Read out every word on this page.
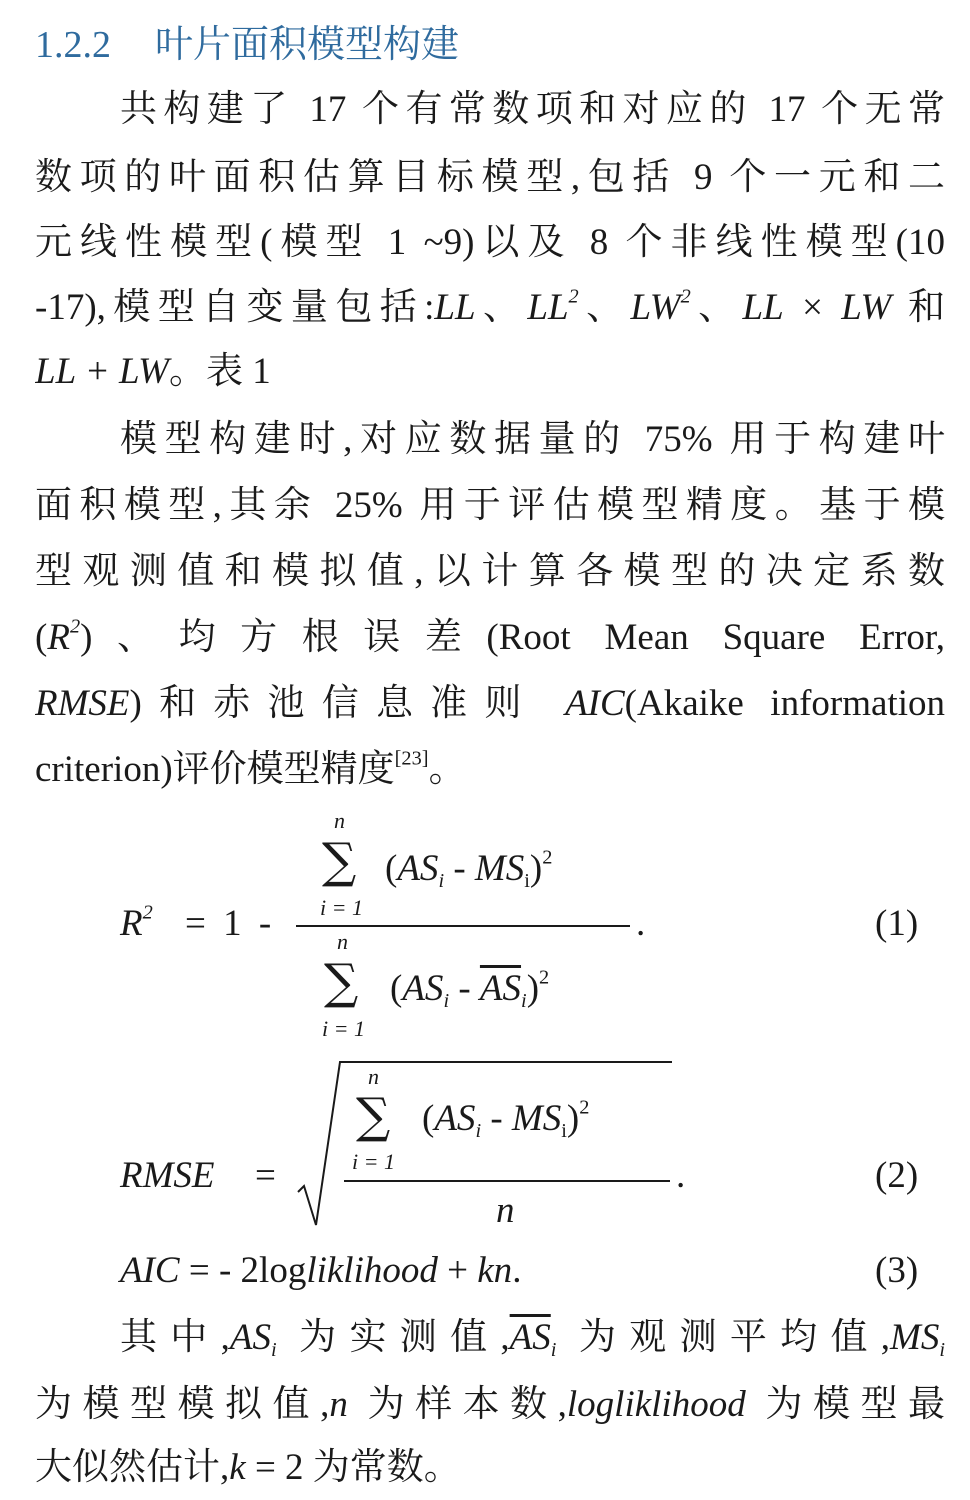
1.2.2 叶片面积模型构建
共构建了 17 个有常数项和对应的 17 个无常
数项的叶面积估算目标模型,包括 9 个一元和二
元线性模型(模型 1 ~9)以及 8 个非线性模型(10
-17),模型自变量包括:LL、$LL^2$、$LW^2$、LL × LW 和
LL + LW。表 1
模型构建时,对应数据量的 75% 用于构建叶
面积模型,其余 25% 用于评估模型精度。基于模
型观测值和模拟值,以计算各模型的决定系数
$(R^2)$、均方根误差(Root Mean Square Error,
RMSE)和赤池信息准则 AIC(Akaike information
criterion)评价模型精度[23]。
其中$,AS_i$ 为实测值$,\overline{AS}_i$ 为观测平均值$,MS_i$
为模型模拟值,n 为样本数,logliklihood 为模型最
大似然估计,k = 2 为常数。
$R^2 = 1$ -	.
n
∑
i = 1
$(AS_i - MS_i)^2$
n
∑
i = 1
$(AS_i - \overline{AS}_i)^2$
(1)
RMSE =
n
∑
i = 1
$(AS_i - MS_i)^2$
n
.	(2)
AIC = - 2logliklihood + kn.	(3)
